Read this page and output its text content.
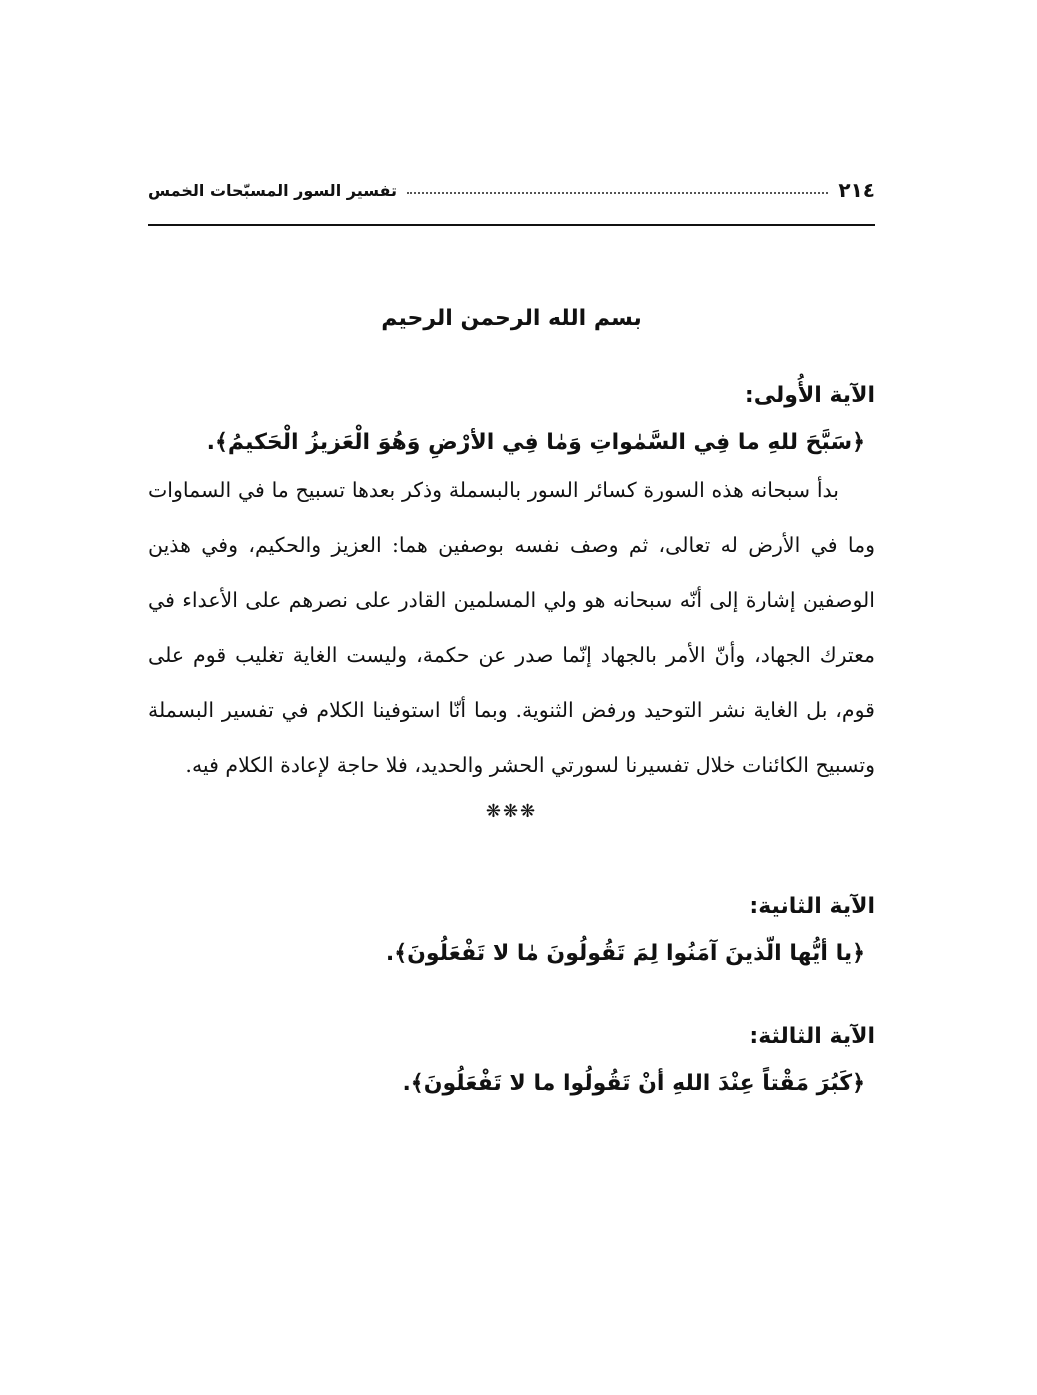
٢١٤
تفسير السور المسبّحات الخمس
بسم الله الرحمن الرحيم
الآية الأُولى:
﴿سَبَّحَ للهِ ما فِي السَّمٰواتِ وَمٰا فِي الأرْضِ وَهُوَ الْعَزيزُ الْحَكيمُ﴾.

بدأ سبحانه هذه السورة كسائر السور بالبسملة وذكر بعدها تسبيح ما في السماوات وما في الأرض له تعالى، ثم وصف نفسه بوصفين هما: العزيز والحكيم، وفي هذين الوصفين إشارة إلى أنّه سبحانه هو ولي المسلمين القادر على نصرهم على الأعداء في معترك الجهاد، وأنّ الأمر بالجهاد إنّما صدر عن حكمة، وليست الغاية تغليب قوم على قوم، بل الغاية نشر التوحيد ورفض الثنوية. وبما أنّا استوفينا الكلام في تفسير البسملة وتسبيح الكائنات خلال تفسيرنا لسورتي الحشر والحديد، فلا حاجة لإعادة الكلام فيه.

❋❋❋
الآية الثانية:
﴿يا أيُّها الّذينَ آمَنُوا لِمَ تَقُولُونَ مٰا لا تَفْعَلُونَ﴾.
الآية الثالثة:
﴿كَبُرَ مَقْتاً عِنْدَ اللهِ أنْ تَقُولُوا ما لا تَفْعَلُونَ﴾.
